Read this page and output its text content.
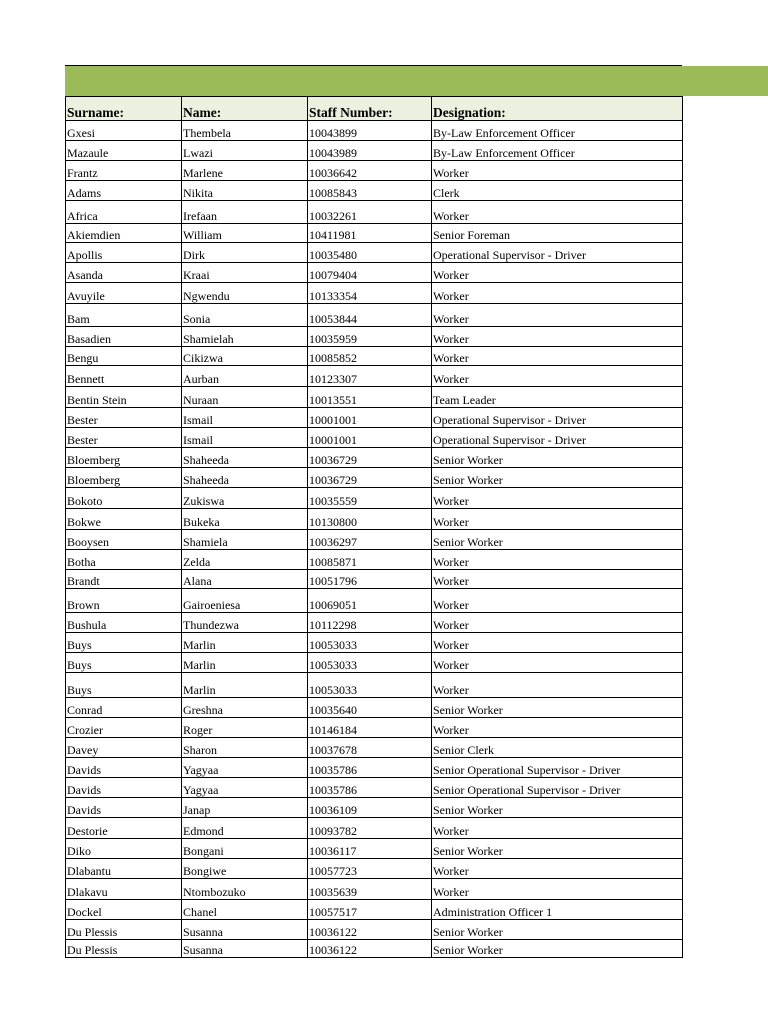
Surname:	Name:	Staff Number:	Designation:
Gxesi	Thembela	10043899	By-Law Enforcement Officer
Mazaule	Lwazi	10043989	By-Law Enforcement Officer
Frantz	Marlene	10036642	Worker
Adams	Nikita	10085843	Clerk
Africa	Irefaan	10032261	Worker
Akiemdien	William	10411981	Senior Foreman
Apollis	Dirk	10035480	Operational Supervisor - Driver
Asanda	Kraai	10079404	Worker
Avuyile	Ngwendu	10133354	Worker
Bam	Sonia	10053844	Worker
Basadien	Shamielah	10035959	Worker
Bengu	Cikizwa	10085852	Worker
Bennett	Aurban	10123307	Worker
Bentin Stein	Nuraan	10013551	Team Leader
Bester	Ismail	10001001	Operational Supervisor - Driver
Bester	Ismail	10001001	Operational Supervisor - Driver
Bloemberg	Shaheeda	10036729	Senior Worker
Bloemberg	Shaheeda	10036729	Senior Worker
Bokoto	Zukiswa	10035559	Worker
Bokwe	Bukeka	10130800	Worker
Booysen	Shamiela	10036297	Senior Worker
Botha	Zelda	10085871	Worker
Brandt	Alana	10051796	Worker
Brown	Gairoeniesa	10069051	Worker
Bushula	Thundezwa	10112298	Worker
Buys	Marlin	10053033	Worker
Buys	Marlin	10053033	Worker
Buys	Marlin	10053033	Worker
Conrad	Greshna	10035640	Senior Worker
Crozier	Roger	10146184	Worker
Davey	Sharon	10037678	Senior Clerk
Davids	Yagyaa	10035786	Senior Operational Supervisor - Driver
Davids	Yagyaa	10035786	Senior Operational Supervisor - Driver
Davids	Janap	10036109	Senior Worker
Destorie	Edmond	10093782	Worker
Diko	Bongani	10036117	Senior Worker
Dlabantu	Bongiwe	10057723	Worker
Dlakavu	Ntombozuko	10035639	Worker
Dockel	Chanel	10057517	Administration Officer 1
Du Plessis	Susanna	10036122	Senior Worker
Du Plessis	Susanna	10036122	Senior Worker
